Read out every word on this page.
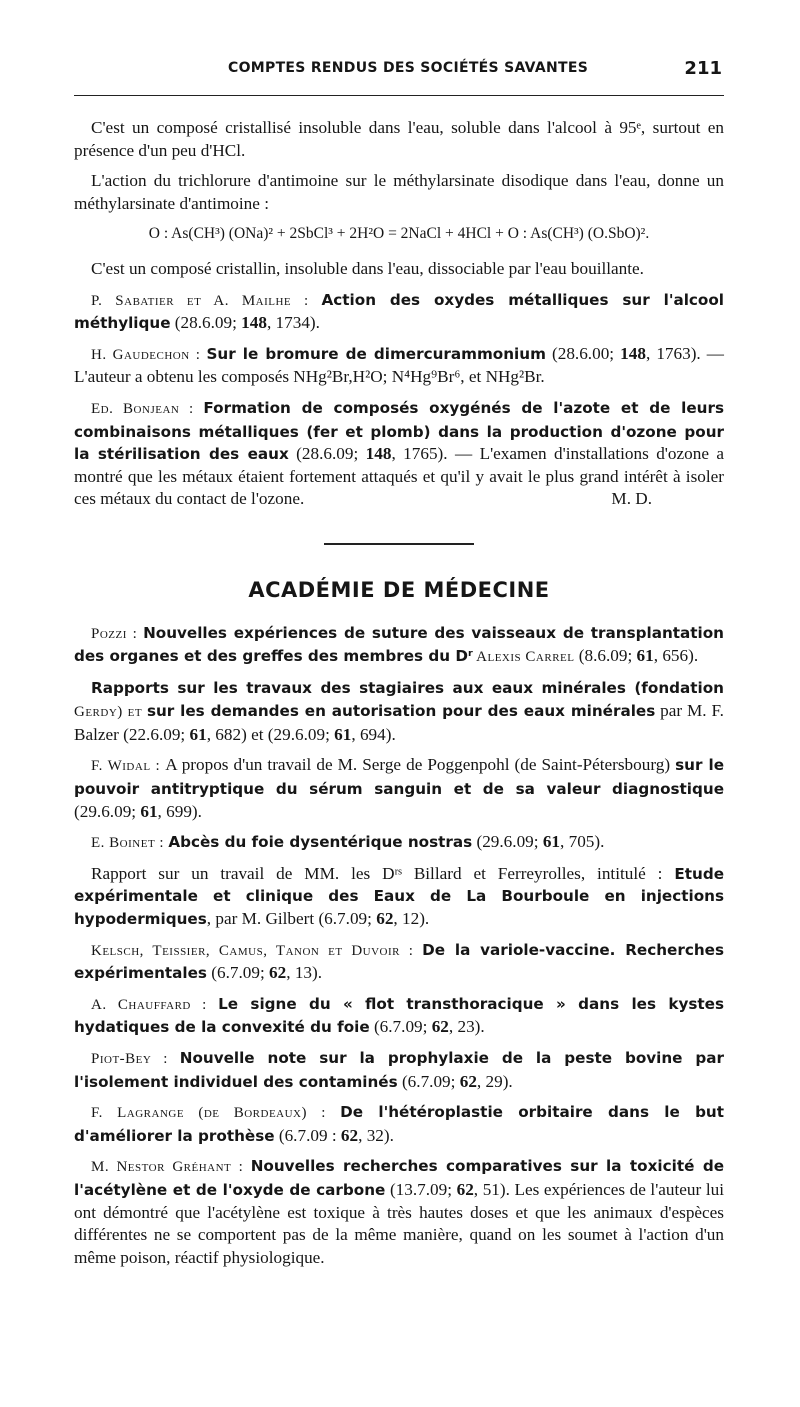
COMPTES RENDUS DES SOCIÉTÉS SAVANTES	211

C'est un composé cristallisé insoluble dans l'eau, soluble dans l'alcool à 95ᵉ, surtout en présence d'un peu d'HCl.

L'action du trichlorure d'antimoine sur le méthylarsinate disodique dans l'eau, donne un méthylarsinate d'antimoine :

O : As(CH³) (ONa)² + 2SbCl³ + 2H²O = 2NaCl + 4HCl + O : As(CH³) (O.SbO)².

C'est un composé cristallin, insoluble dans l'eau, dissociable par l'eau bouillante.

P. Sabatier et A. Mailhe : Action des oxydes métalliques sur l'alcool méthylique (28.6.09; 148, 1734).

H. Gaudechon : Sur le bromure de dimercurammonium (28.6.00; 148, 1763). — L'auteur a obtenu les composés NHg²Br,H²O; N⁴Hg⁹Br⁶, et NHg²Br.

Ed. Bonjean : Formation de composés oxygénés de l'azote et de leurs combinaisons métalliques (fer et plomb) dans la production d'ozone pour la stérilisation des eaux (28.6.09; 148, 1765). — L'examen d'installations d'ozone a montré que les métaux étaient fortement attaqués et qu'il y avait le plus grand intérêt à isoler ces métaux du contact de l'ozone.	M. D.

ACADÉMIE DE MÉDECINE

Pozzi : Nouvelles expériences de suture des vaisseaux de transplantation des organes et des greffes des membres du Dʳ Alexis Carrel (8.6.09; 61, 656).

Rapports sur les travaux des stagiaires aux eaux minérales (fondation Gerdy) et sur les demandes en autorisation pour des eaux minérales par M. F. Balzer (22.6.09; 61, 682) et (29.6.09; 61, 694).

F. Widal : A propos d'un travail de M. Serge de Poggenpohl (de Saint-Pétersbourg) sur le pouvoir antitryptique du sérum sanguin et de sa valeur diagnostique (29.6.09; 61, 699).

E. Boinet : Abcès du foie dysentérique nostras (29.6.09; 61, 705).

Rapport sur un travail de MM. les Dʳˢ Billard et Ferreyrolles, intitulé : Etude expérimentale et clinique des Eaux de La Bourboule en injections hypodermiques, par M. Gilbert (6.7.09; 62, 12).

Kelsch, Teissier, Camus, Tanon et Duvoir : De la variole-vaccine. Recherches expérimentales (6.7.09; 62, 13).

A. Chauffard : Le signe du « flot transthoracique » dans les kystes hydatiques de la convexité du foie (6.7.09; 62, 23).

Piot-Bey : Nouvelle note sur la prophylaxie de la peste bovine par l'isolement individuel des contaminés (6.7.09; 62, 29).

F. Lagrange (de Bordeaux) : De l'hétéroplastie orbitaire dans le but d'améliorer la prothèse (6.7.09 : 62, 32).

M. Nestor Gréhant : Nouvelles recherches comparatives sur la toxicité de l'acétylène et de l'oxyde de carbone (13.7.09; 62, 51). Les expériences de l'auteur lui ont démontré que l'acétylène est toxique à très hautes doses et que les animaux d'espèces différentes ne se comportent pas de la même manière, quand on les soumet à l'action d'un même poison, réactif physiologique.
